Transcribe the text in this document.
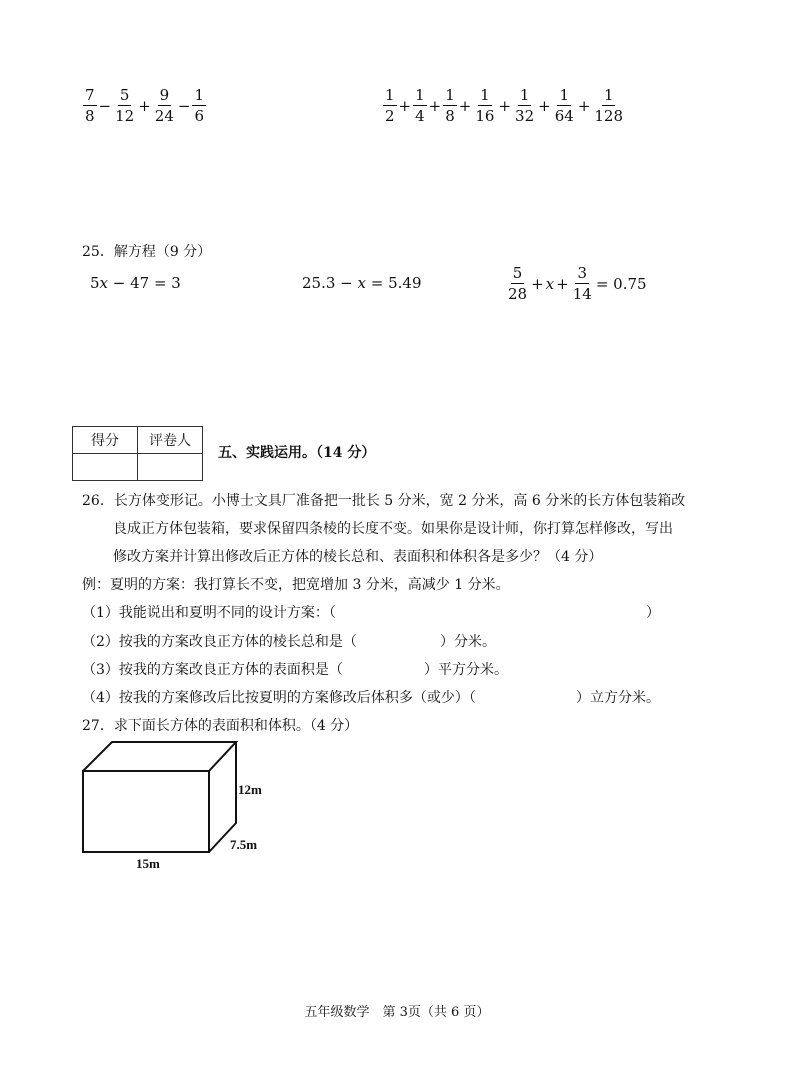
$\frac{7}{8} - \frac{5}{12} + \frac{9}{24} - \frac{1}{6}$	$\frac{1}{2} + \frac{1}{4} + \frac{1}{8} + \frac{1}{16} + \frac{1}{32} + \frac{1}{64} + \frac{1}{128}$
25．解方程（9 分）
5x − 47 = 3	25.3 − x = 5.49	$\frac{5}{28} + x + \frac{3}{14} = 0.75$
得分	评卷人

五、实践运用。（14 分）
26．长方体变形记。小博士文具厂准备把一批长 5 分米，宽 2 分米，高 6 分米的长方体包装箱改
良成正方体包装箱，要求保留四条棱的长度不变。如果你是设计师，你打算怎样修改，写出
修改方案并计算出修改后正方体的棱长总和、表面积和体积各是多少？（4 分）
例：夏明的方案：我打算长不变，把宽增加 3 分米，高减少 1 分米。
（1）我能说出和夏明不同的设计方案：（	）
（2）按我的方案改良正方体的棱长总和是（	）分米。
（3）按我的方案改良正方体的表面积是（	）平方分米。
（4）按我的方案修改后比按夏明的方案修改后体积多（或少）（	）立方分米。
27．求下面长方体的表面积和体积。（4 分）
12m
7.5m
15m
五年级数学　第 3页（共 6 页）
